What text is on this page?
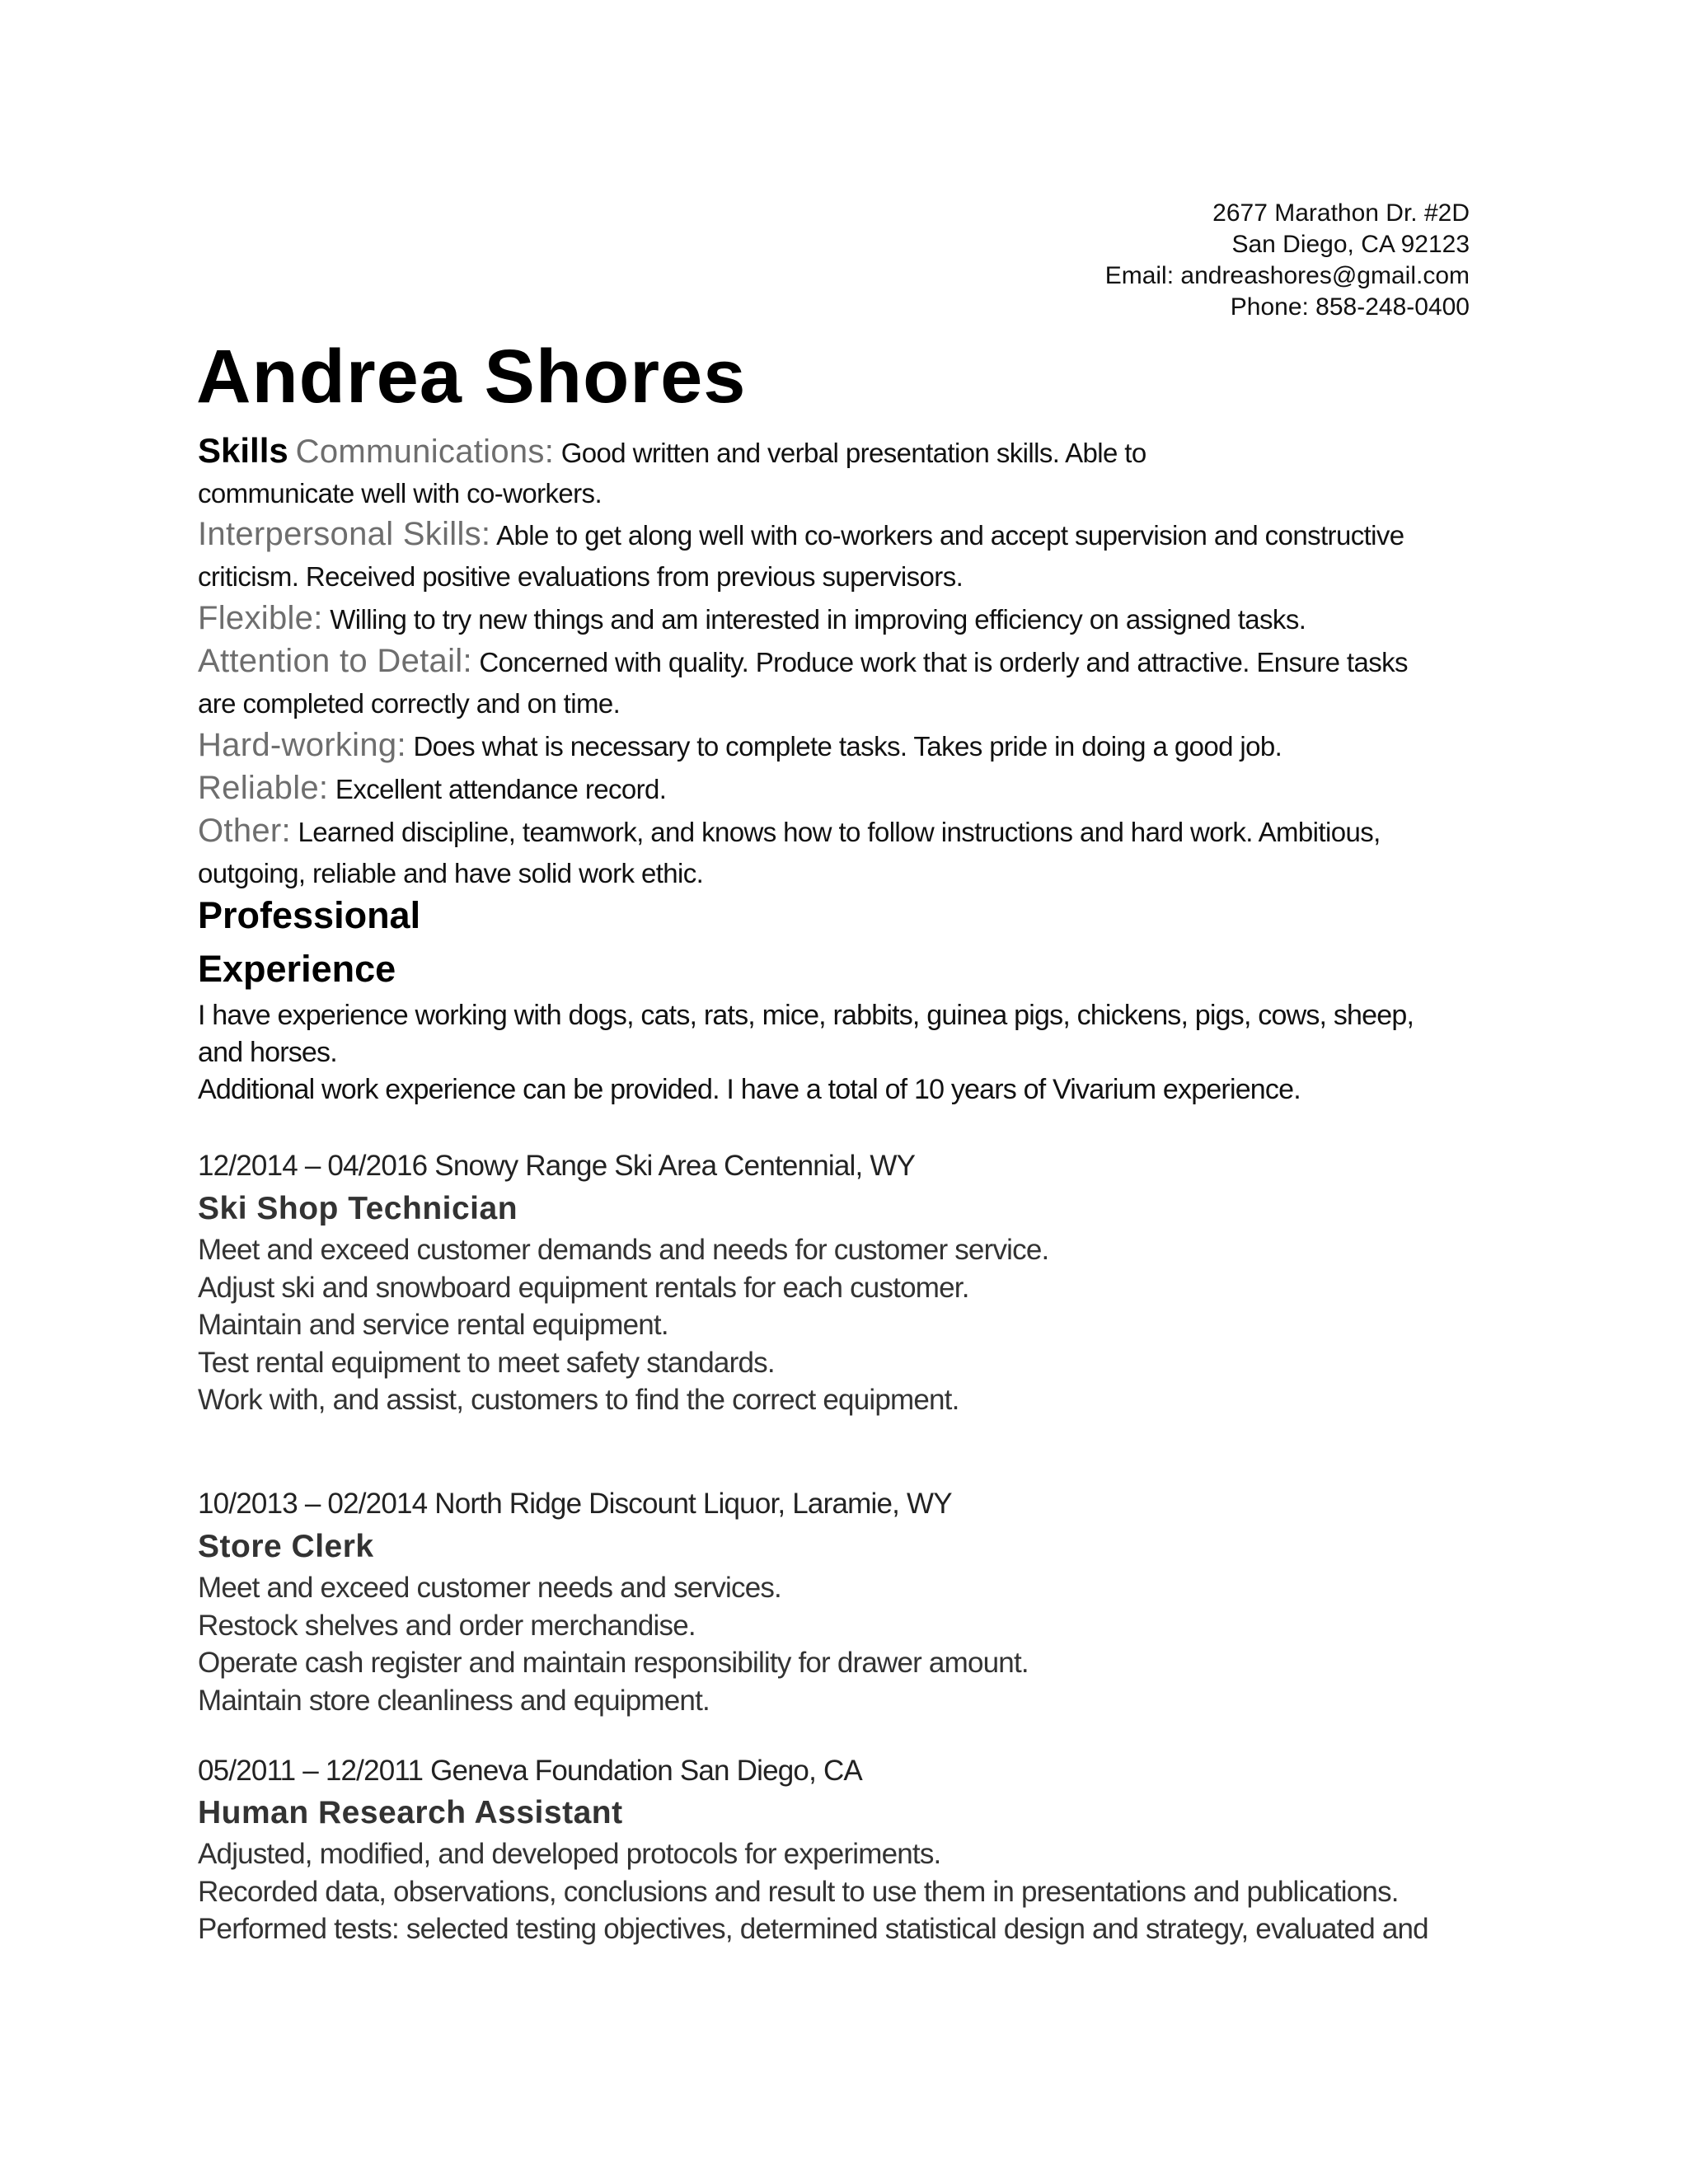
2677 Marathon Dr. #2D
San Diego, CA 92123
Email: andreashores@gmail.com
Phone: 858-248-0400
Andrea Shores
Skills Communications: Good written and verbal presentation skills. Able to
communicate well with co-workers.
Interpersonal Skills: Able to get along well with co-workers and accept supervision and constructive
criticism. Received positive evaluations from previous supervisors.
Flexible: Willing to try new things and am interested in improving efficiency on assigned tasks.
Attention to Detail: Concerned with quality. Produce work that is orderly and attractive. Ensure tasks
are completed correctly and on time.
Hard-working: Does what is necessary to complete tasks. Takes pride in doing a good job.
Reliable: Excellent attendance record.
Other: Learned discipline, teamwork, and knows how to follow instructions and hard work. Ambitious,
outgoing, reliable and have solid work ethic.
Professional
Experience
I have experience working with dogs, cats, rats, mice, rabbits, guinea pigs, chickens, pigs, cows, sheep,
and horses.
Additional work experience can be provided. I have a total of 10 years of Vivarium experience.
12/2014 – 04/2016 Snowy Range Ski Area Centennial, WY
Ski Shop Technician
Meet and exceed customer demands and needs for customer service.
Adjust ski and snowboard equipment rentals for each customer.
Maintain and service rental equipment.
Test rental equipment to meet safety standards.
Work with, and assist, customers to find the correct equipment.
10/2013 – 02/2014 North Ridge Discount Liquor, Laramie, WY
Store Clerk
Meet and exceed customer needs and services.
Restock shelves and order merchandise.
Operate cash register and maintain responsibility for drawer amount.
Maintain store cleanliness and equipment.
05/2011 – 12/2011 Geneva Foundation San Diego, CA
Human Research Assistant
Adjusted, modified, and developed protocols for experiments.
Recorded data, observations, conclusions and result to use them in presentations and publications.
Performed tests: selected testing objectives, determined statistical design and strategy, evaluated and
